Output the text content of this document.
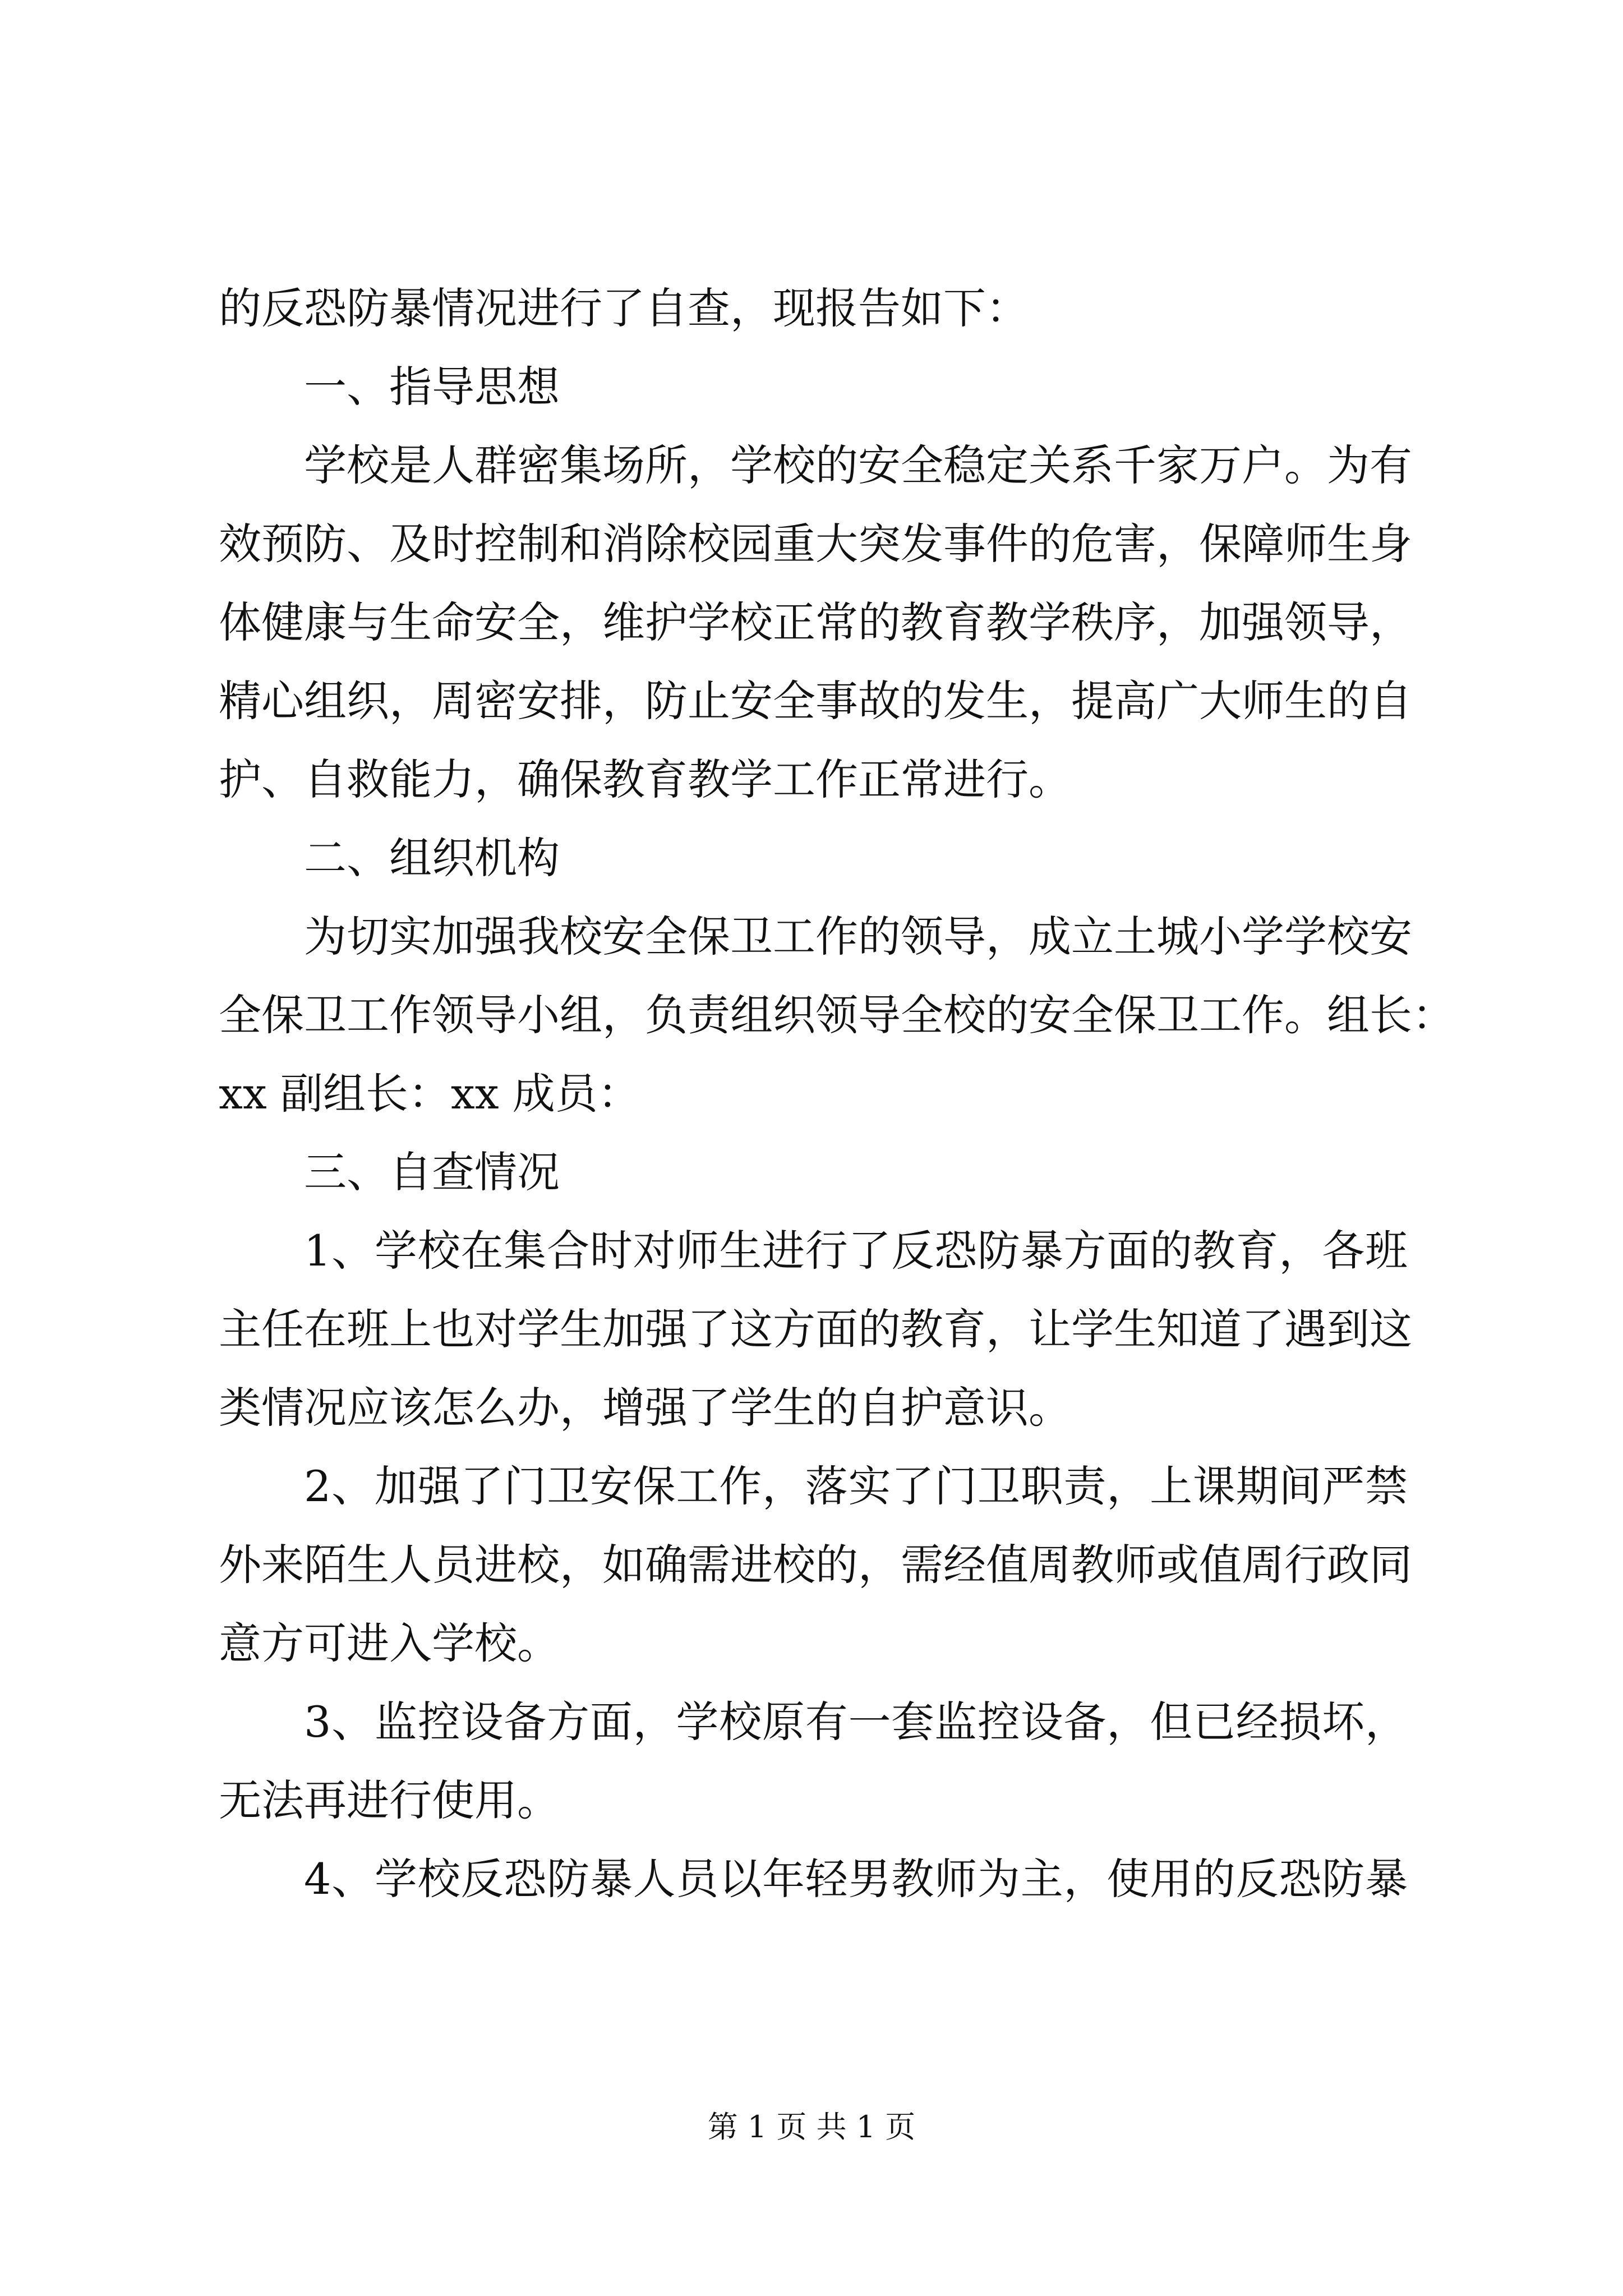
的反恐防暴情况进行了自查，现报告如下：
一、指导思想
学校是人群密集场所，学校的安全稳定关系千家万户。为有
效预防、及时控制和消除校园重大突发事件的危害，保障师生身
体健康与生命安全，维护学校正常的教育教学秩序，加强领导，
精心组织，周密安排，防止安全事故的发生，提高广大师生的自
护、自救能力，确保教育教学工作正常进行。
二、组织机构
为切实加强我校安全保卫工作的领导，成立土城小学学校安
全保卫工作领导小组，负责组织领导全校的安全保卫工作。组长：
xx 副组长：xx 成员：
三、自查情况
1、学校在集合时对师生进行了反恐防暴方面的教育，各班
主任在班上也对学生加强了这方面的教育，让学生知道了遇到这
类情况应该怎么办，增强了学生的自护意识。
2、加强了门卫安保工作，落实了门卫职责，上课期间严禁
外来陌生人员进校，如确需进校的，需经值周教师或值周行政同
意方可进入学校。
3、监控设备方面，学校原有一套监控设备，但已经损坏，
无法再进行使用。
4、学校反恐防暴人员以年轻男教师为主，使用的反恐防暴
第 1 页 共 1 页
